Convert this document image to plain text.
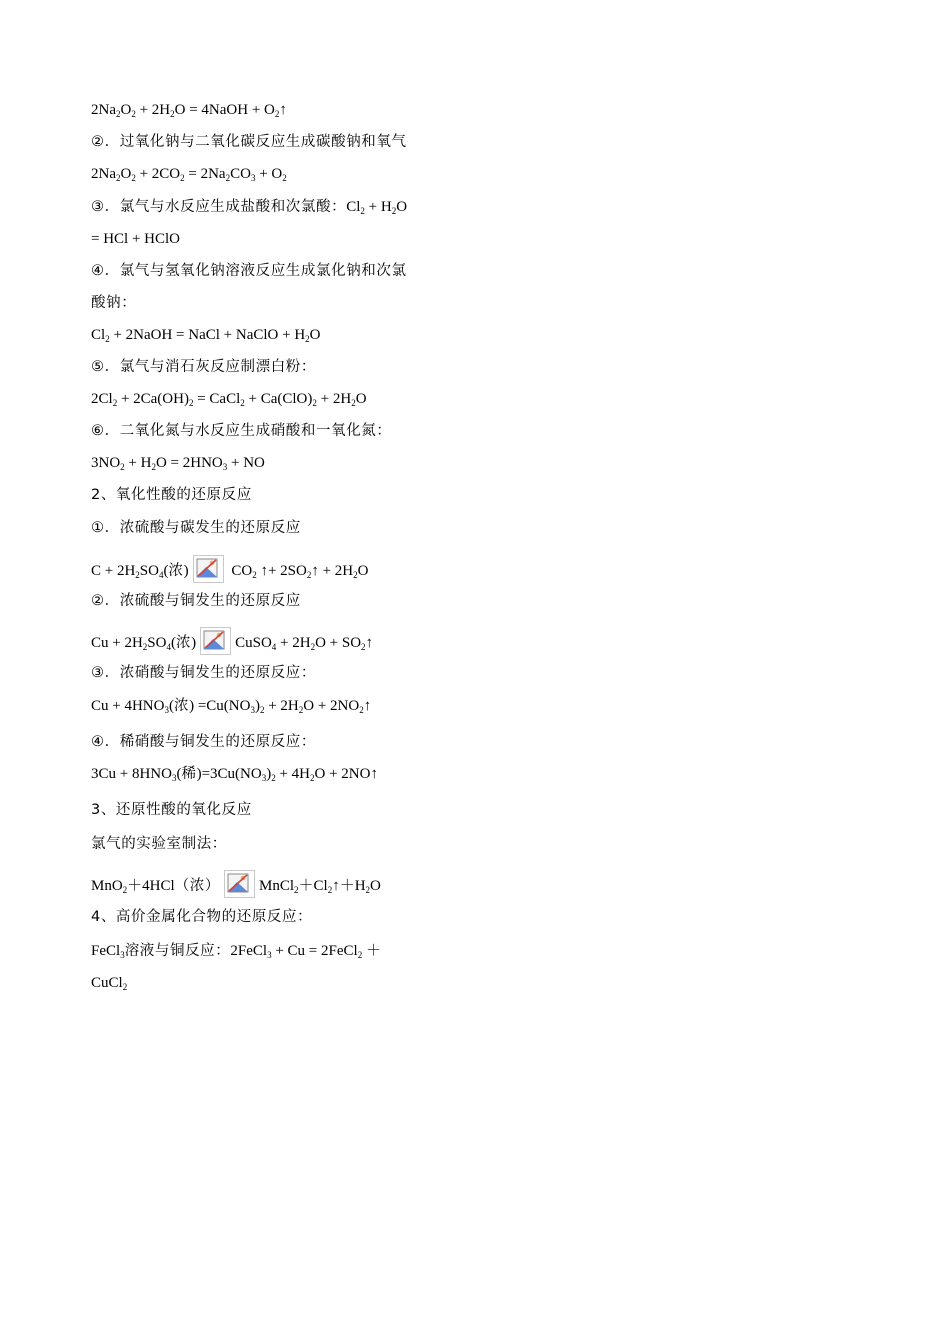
$2Na_2O_2 + 2H_2O$ = 4NaOH + $O_2↑$
②．过氧化钠与二氧化碳反应生成碳酸钠和氧气
$2Na_2O_2 + 2CO_2 = 2Na_2CO_3 + O_2$
③．氯气与水反应生成盐酸和次氯酸：$Cl_2 + H_2O$
= HCl + HClO
④．氯气与氢氧化钠溶液反应生成氯化钠和次氯
酸钠：
$Cl_2$ + 2NaOH = NaCl + NaClO + $H_2O$
⑤．氯气与消石灰反应制漂白粉：
$2Cl_2 + 2Ca(OH)_2$ = CaCl$_2$ + $Ca(ClO)_2 + 2H_2O$
⑥．二氧化氮与水反应生成硝酸和一氧化氮：
$3NO_2 + H_2O = 2HNO_3$ + NO
2、氧化性酸的还原反应
①．浓硫酸与碳发生的还原反应
$C + 2H_2SO_4$(浓)	$CO_2$ ↑+ $2SO_2↑ + 2H_2O$
②．浓硫酸与铜发生的还原反应
$Cu + 2H_2SO_4$(浓)	CuSO$_4$ + $2H_2O$ + $SO_2↑$
③．浓硝酸与铜发生的还原反应：
$Cu + 4HNO_3$(浓) $=Cu(NO_3)_2 + 2H_2O$ + $2NO_2↑$
④．稀硝酸与铜发生的还原反应：
$3Cu + 8HNO_3$(稀)$=3Cu(NO_3)_2 + 4H_2O$ + 2NO↑
3、还原性酸的氧化反应
氯气的实验室制法：
MnO$_2$＋4HCl（浓）	$MnCl_2+Cl_2↑+H_2O$
4、高价金属化合物的还原反应：
FeCl$_3$溶液与铜反应：2FeCl$_3$ + Cu = 2FeCl$_2$ ＋
CuCl$_2$
